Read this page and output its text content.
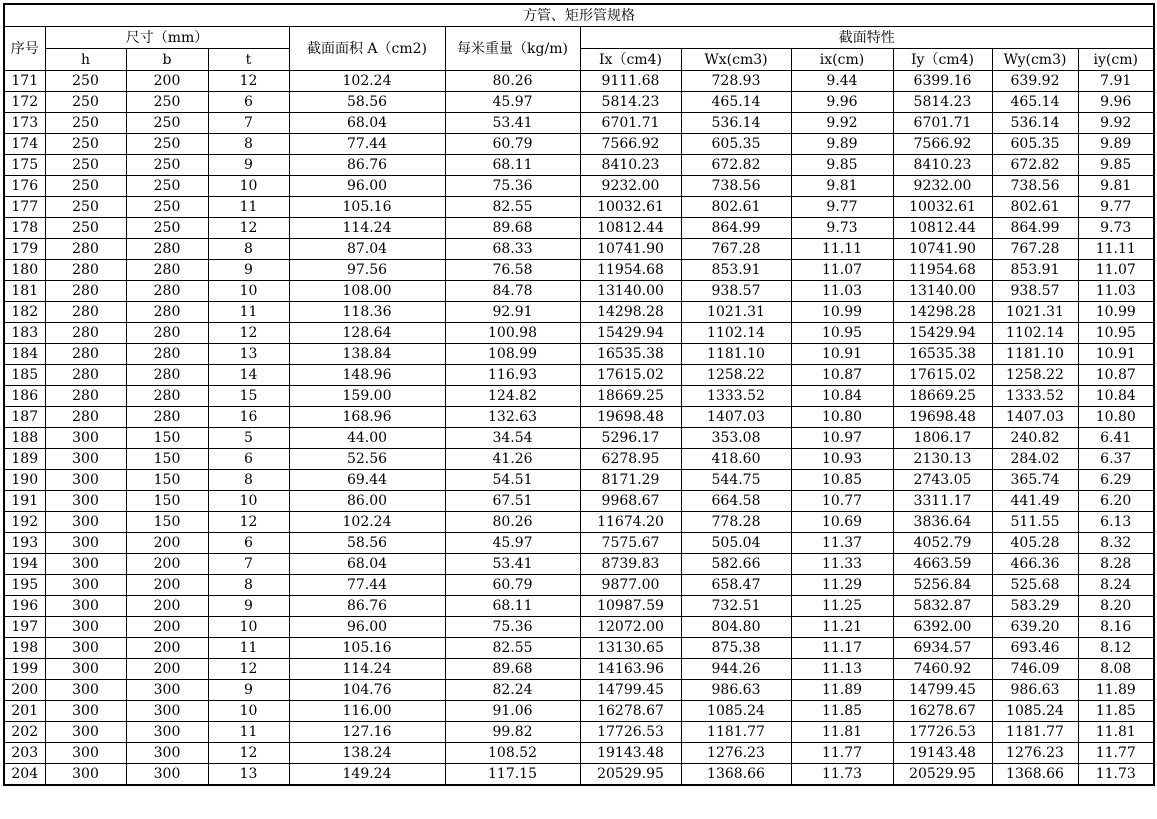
方管、矩形管规格											
序号	尺寸（mm）			截面面积 A（cm2)	每米重量（kg/m)	截面特性					
	h	b	t			Ix（cm4)	Wx(cm3)	ix(cm)	Iy（cm4)	Wy(cm3)	iy(cm)
171	250	200	12	102.24	80.26	9111.68	728.93	9.44	6399.16	639.92	7.91
172	250	250	6	58.56	45.97	5814.23	465.14	9.96	5814.23	465.14	9.96
173	250	250	7	68.04	53.41	6701.71	536.14	9.92	6701.71	536.14	9.92
174	250	250	8	77.44	60.79	7566.92	605.35	9.89	7566.92	605.35	9.89
175	250	250	9	86.76	68.11	8410.23	672.82	9.85	8410.23	672.82	9.85
176	250	250	10	96.00	75.36	9232.00	738.56	9.81	9232.00	738.56	9.81
177	250	250	11	105.16	82.55	10032.61	802.61	9.77	10032.61	802.61	9.77
178	250	250	12	114.24	89.68	10812.44	864.99	9.73	10812.44	864.99	9.73
179	280	280	8	87.04	68.33	10741.90	767.28	11.11	10741.90	767.28	11.11
180	280	280	9	97.56	76.58	11954.68	853.91	11.07	11954.68	853.91	11.07
181	280	280	10	108.00	84.78	13140.00	938.57	11.03	13140.00	938.57	11.03
182	280	280	11	118.36	92.91	14298.28	1021.31	10.99	14298.28	1021.31	10.99
183	280	280	12	128.64	100.98	15429.94	1102.14	10.95	15429.94	1102.14	10.95
184	280	280	13	138.84	108.99	16535.38	1181.10	10.91	16535.38	1181.10	10.91
185	280	280	14	148.96	116.93	17615.02	1258.22	10.87	17615.02	1258.22	10.87
186	280	280	15	159.00	124.82	18669.25	1333.52	10.84	18669.25	1333.52	10.84
187	280	280	16	168.96	132.63	19698.48	1407.03	10.80	19698.48	1407.03	10.80
188	300	150	5	44.00	34.54	5296.17	353.08	10.97	1806.17	240.82	6.41
189	300	150	6	52.56	41.26	6278.95	418.60	10.93	2130.13	284.02	6.37
190	300	150	8	69.44	54.51	8171.29	544.75	10.85	2743.05	365.74	6.29
191	300	150	10	86.00	67.51	9968.67	664.58	10.77	3311.17	441.49	6.20
192	300	150	12	102.24	80.26	11674.20	778.28	10.69	3836.64	511.55	6.13
193	300	200	6	58.56	45.97	7575.67	505.04	11.37	4052.79	405.28	8.32
194	300	200	7	68.04	53.41	8739.83	582.66	11.33	4663.59	466.36	8.28
195	300	200	8	77.44	60.79	9877.00	658.47	11.29	5256.84	525.68	8.24
196	300	200	9	86.76	68.11	10987.59	732.51	11.25	5832.87	583.29	8.20
197	300	200	10	96.00	75.36	12072.00	804.80	11.21	6392.00	639.20	8.16
198	300	200	11	105.16	82.55	13130.65	875.38	11.17	6934.57	693.46	8.12
199	300	200	12	114.24	89.68	14163.96	944.26	11.13	7460.92	746.09	8.08
200	300	300	9	104.76	82.24	14799.45	986.63	11.89	14799.45	986.63	11.89
201	300	300	10	116.00	91.06	16278.67	1085.24	11.85	16278.67	1085.24	11.85
202	300	300	11	127.16	99.82	17726.53	1181.77	11.81	17726.53	1181.77	11.81
203	300	300	12	138.24	108.52	19143.48	1276.23	11.77	19143.48	1276.23	11.77
204	300	300	13	149.24	117.15	20529.95	1368.66	11.73	20529.95	1368.66	11.73
